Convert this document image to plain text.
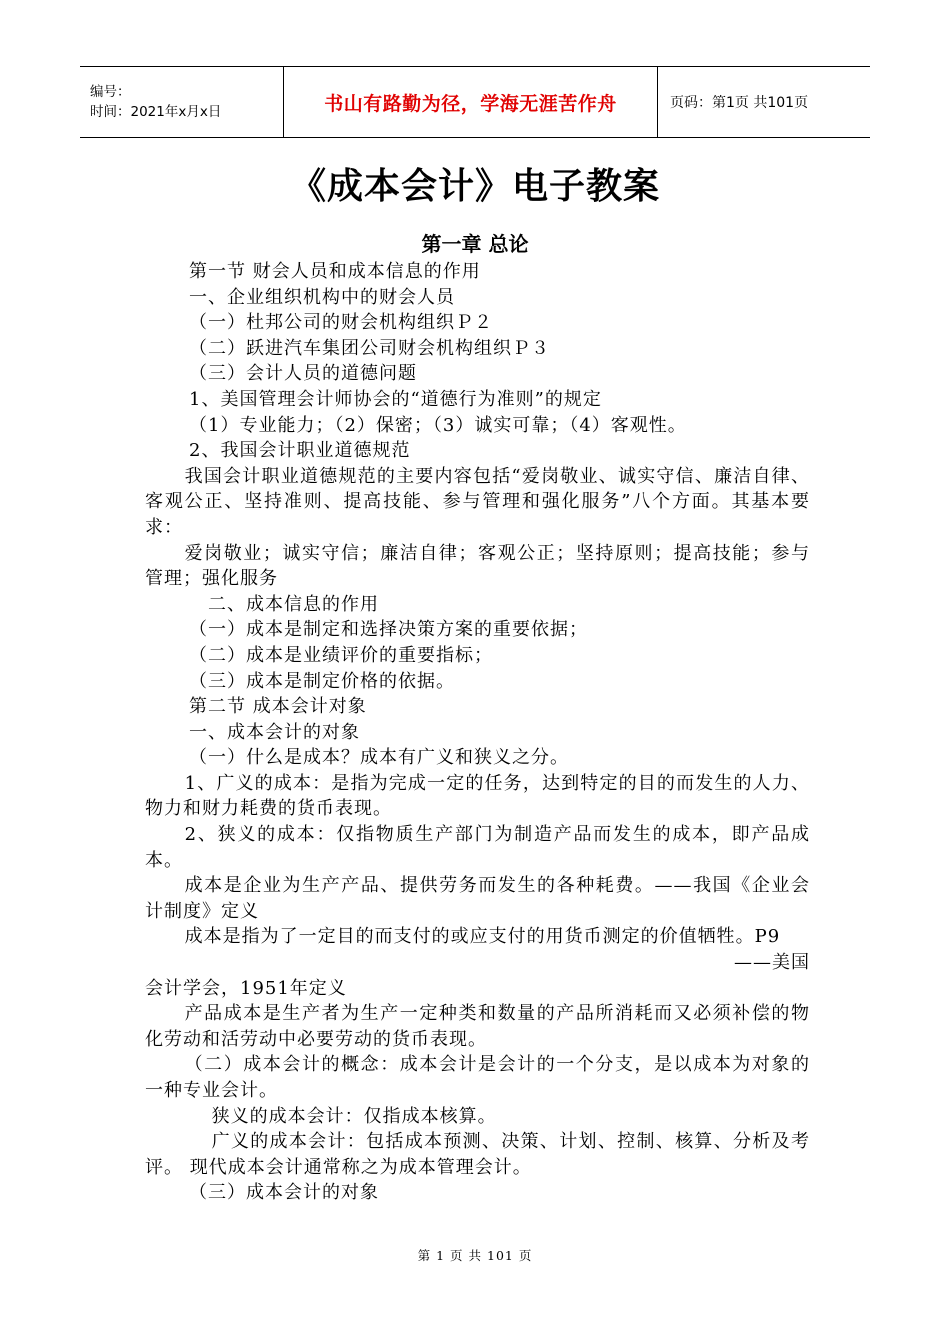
编号：
时间：2021年x月x日	书山有路勤为径，学海无涯苦作舟	页码：第1页 共101页
《成本会计》电子教案
第一章 总论

第一节 财会人员和成本信息的作用

一、企业组织机构中的财会人员

（一）杜邦公司的财会机构组织Ｐ２

（二）跃进汽车集团公司财会机构组织Ｐ３

（三）会计人员的道德问题

1、美国管理会计师协会的“道德行为准则”的规定

（1）专业能力；（2）保密；（3）诚实可靠；（4）客观性。

2、我国会计职业道德规范

我国会计职业道德规范的主要内容包括“爱岗敬业、诚实守信、廉洁自律、客观公正、坚持准则、提高技能、参与管理和强化服务”八个方面。其基本要求：

爱岗敬业；诚实守信；廉洁自律；客观公正；坚持原则；提高技能；参与管理；强化服务

二、成本信息的作用

（一）成本是制定和选择决策方案的重要依据；

（二）成本是业绩评价的重要指标；

（三）成本是制定价格的依据。

第二节 成本会计对象

一、成本会计的对象

（一）什么是成本？成本有广义和狭义之分。

1、广义的成本：是指为完成一定的任务，达到特定的目的而发生的人力、物力和财力耗费的货币表现。

2、狭义的成本：仅指物质生产部门为制造产品而发生的成本，即产品成本。

成本是企业为生产产品、提供劳务而发生的各种耗费。——我国《企业会计制度》定义

成本是指为了一定目的而支付的或应支付的用货币测定的价值牺牲。P9

——美国

会计学会，1951年定义

产品成本是生产者为生产一定种类和数量的产品所消耗而又必须补偿的物化劳动和活劳动中必要劳动的货币表现。

（二）成本会计的概念：成本会计是会计的一个分支，是以成本为对象的一种专业会计。

狭义的成本会计：仅指成本核算。

广义的成本会计：包括成本预测、决策、计划、控制、核算、分析及考评。 现代成本会计通常称之为成本管理会计。

（三）成本会计的对象

第 1 页 共 101 页
